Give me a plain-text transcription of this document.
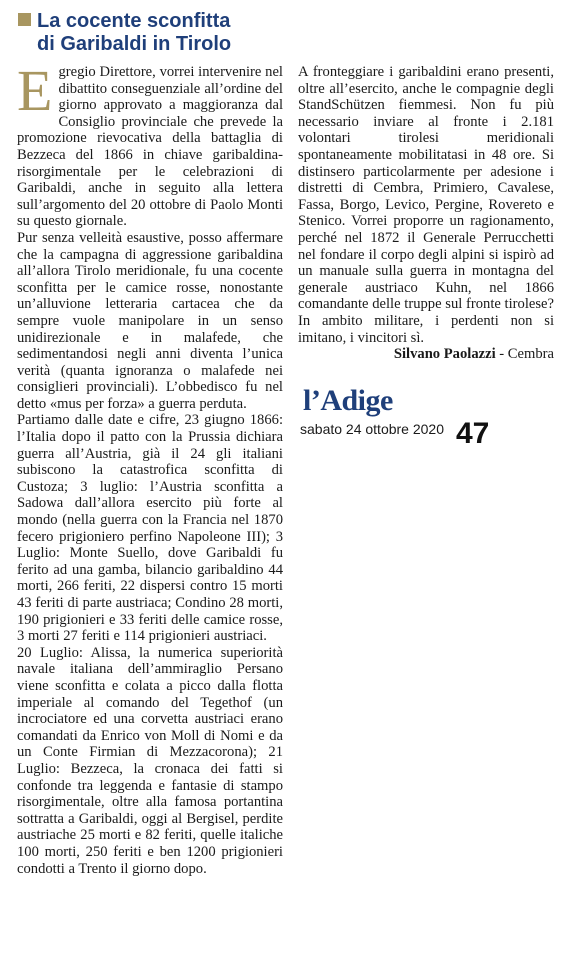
La cocente sconfitta
di Garibaldi in Tirolo

Egregio Direttore, vorrei intervenire nel dibattito conseguenziale all’ordine del giorno approvato a maggioranza dal Consiglio provinciale che prevede la promozione rievocativa della battaglia di Bezzeca del 1866 in chiave garibaldina-risorgimentale per le celebrazioni di Garibaldi, anche in seguito alla lettera sull’argomento del 20 ottobre di Paolo Monti su questo giornale.

Pur senza velleità esaustive, posso affermare che la campagna di aggressione garibaldina all’allora Tirolo meridionale, fu una cocente sconfitta per le camice rosse, nonostante un’alluvione letteraria cartacea che da sempre vuole manipolare in un senso unidirezionale e in malafede, che sedimentandosi negli anni diventa l’unica verità (quanta ignoranza o malafede nei consiglieri provinciali). L’obbedisco fu nel detto «mus per forza» a guerra perduta.

Partiamo dalle date e cifre, 23 giugno 1866: l’Italia dopo il patto con la Prussia dichiara guerra all’Austria, già il 24 gli italiani subiscono la catastrofica sconfitta di Custoza; 3 luglio: l’Austria sconfitta a Sadowa dall’allora esercito più forte al mondo (nella guerra con la Francia nel 1870 fecero prigioniero perfino Napoleone III); 3 Luglio: Monte Suello, dove Garibaldi fu ferito ad una gamba, bilancio garibaldino 44 morti, 266 feriti, 22 dispersi contro 15 morti 43 feriti di parte austriaca; Condino 28 morti, 190 prigionieri e 33 feriti delle camice rosse, 3 morti 27 feriti e 114 prigionieri austriaci.

20 Luglio: Alissa, la numerica superiorità navale italiana dell’ammiraglio Persano viene sconfitta e colata a picco dalla flotta imperiale al comando del Tegethof (un incrociatore ed una corvetta austriaci erano comandati da Enrico von Moll di Nomi e da un Conte Firmian di Mezzacorona); 21 Luglio: Bezzeca, la cronaca dei fatti si confonde tra leggenda e fantasie di stampo risorgimentale, oltre alla famosa portantina sottratta a Garibaldi, oggi al Bergisel, perdite austriache 25 morti e 82 feriti, quelle italiche 100 morti, 250 feriti e ben 1200 prigionieri condotti a Trento il giorno dopo.

A fronteggiare i garibaldini erano presenti, oltre all’esercito, anche le compagnie degli StandSchützen fiemmesi. Non fu più necessario inviare al fronte i 2.181 volontari tirolesi meridionali spontaneamente mobilitatasi in 48 ore. Si distinsero particolarmente per adesione i distretti di Cembra, Primiero, Cavalese, Fassa, Borgo, Levico, Pergine, Rovereto e Stenico. Vorrei proporre un ragionamento, perché nel 1872 il Generale Perrucchetti nel fondare il corpo degli alpini si ispirò ad un manuale sulla guerra in montagna del generale austriaco Kuhn, nel 1866 comandante delle truppe sul fronte tirolese? In ambito militare, i perdenti non si imitano, i vincitori sì.

Silvano Paolazzi - Cembra

l’Adige
sabato 24 ottobre 2020 47
